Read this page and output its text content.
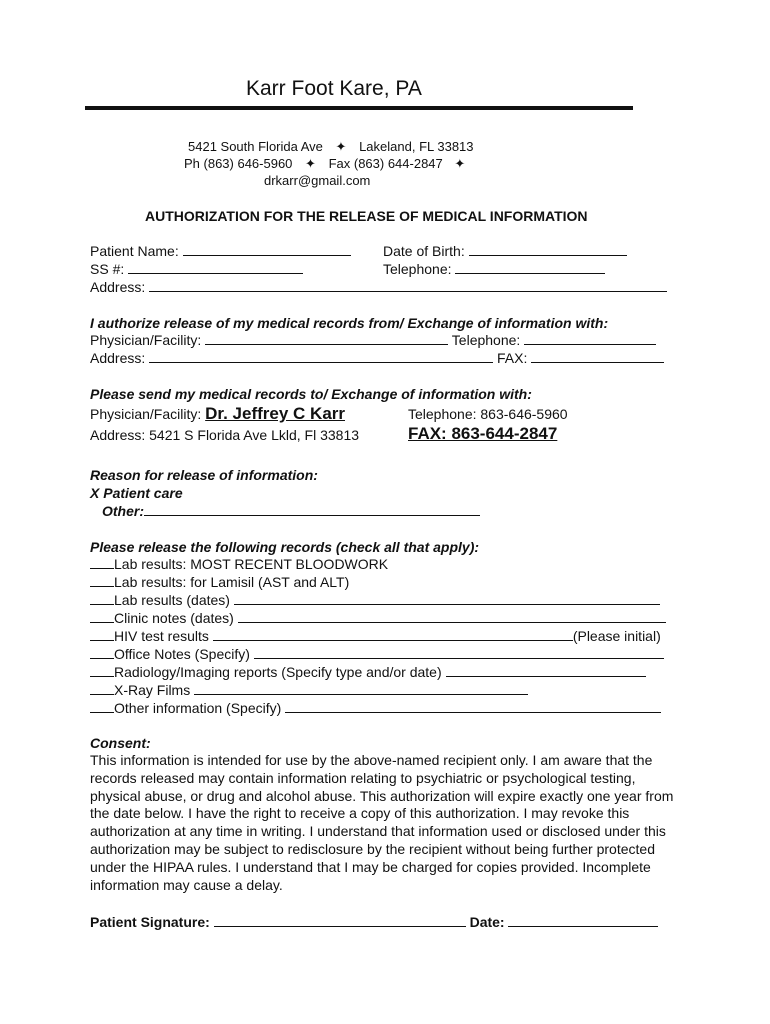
Karr Foot Kare, PA
5421 South Florida Ave ✦ Lakeland, FL 33813
Ph (863) 646-5960 ✦ Fax (863) 644-2847 ✦
drkarr@gmail.com
AUTHORIZATION FOR THE RELEASE OF MEDICAL INFORMATION
Patient Name:	Date of Birth:
SS #:	Telephone:
Address:
I authorize release of my medical records from/ Exchange of information with:
Physician/Facility:	Telephone:
Address:	FAX:
Please send my medical records to/ Exchange of information with:
Physician/Facility: Dr. Jeffrey C Karr	Telephone: 863-646-5960
Address: 5421 S Florida Ave Lkld, Fl 33813	FAX: 863-644-2847
Reason for release of information:
X Patient care
Other:
Please release the following records (check all that apply):
Lab results: MOST RECENT BLOODWORK
Lab results: for Lamisil (AST and ALT)
Lab results (dates)
Clinic notes (dates)
HIV test results	(Please initial)
Office Notes (Specify)
Radiology/Imaging reports (Specify type and/or date)
X-Ray Films
Other information (Specify)
Consent:
This information is intended for use by the above-named recipient only. I am aware that the records released may contain information relating to psychiatric or psychological testing, physical abuse, or drug and alcohol abuse. This authorization will expire exactly one year from the date below. I have the right to receive a copy of this authorization. I may revoke this authorization at any time in writing. I understand that information used or disclosed under this authorization may be subject to redisclosure by the recipient without being further protected under the HIPAA rules. I understand that I may be charged for copies provided. Incomplete information may cause a delay.
Patient Signature:	Date:
